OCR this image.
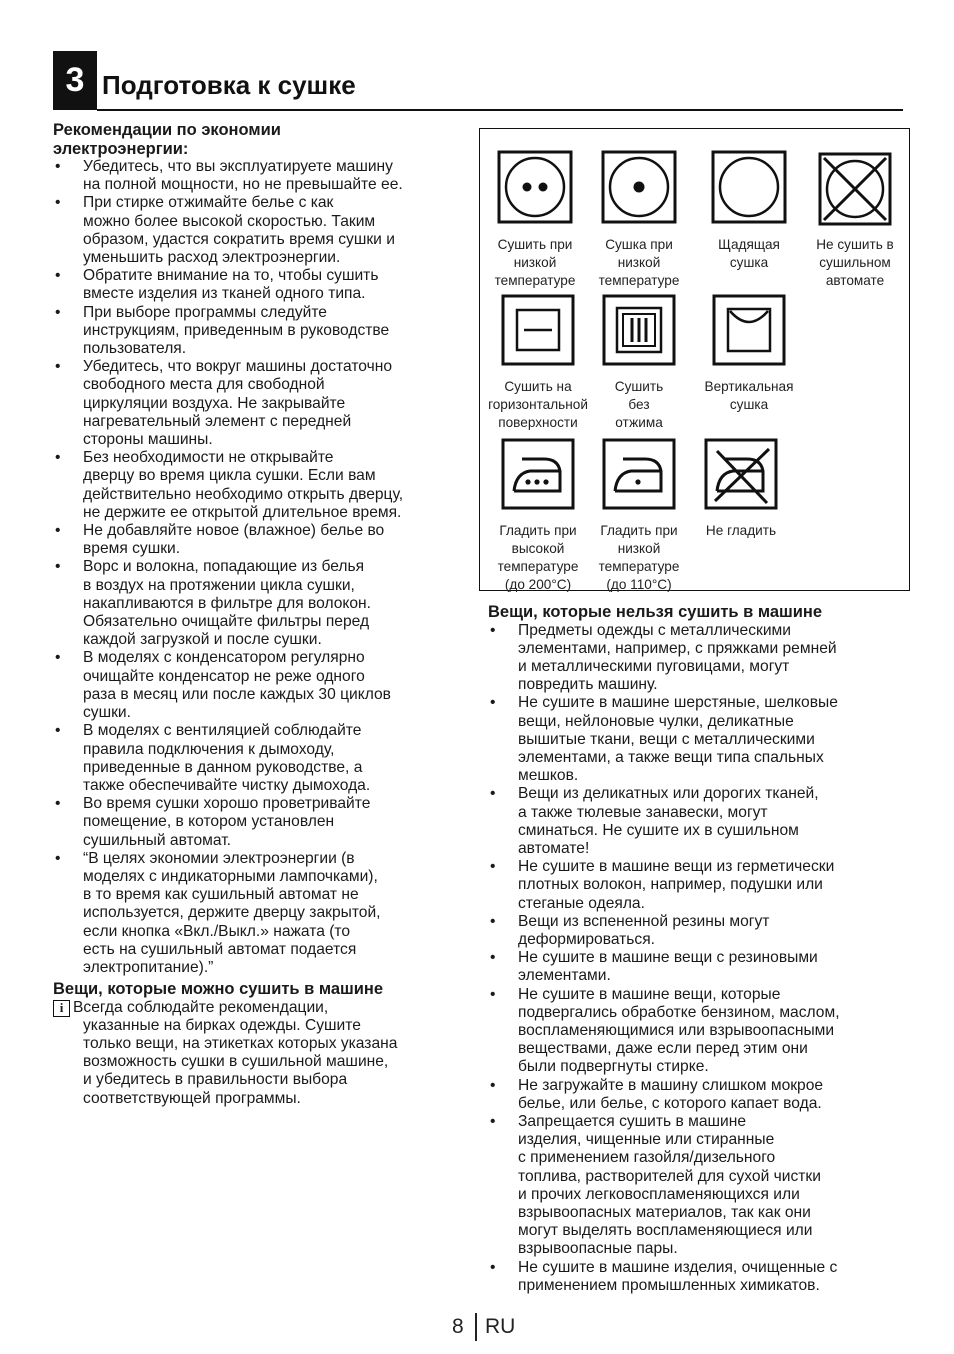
3 Подготовка к сушке
Рекомендации по экономии
электроэнергии:
• Убедитесь, что вы эксплуатируете машину
на полной мощности, но не превышайте ее.
• При стирке отжимайте белье с как
можно более высокой скоростью. Таким
образом, удастся сократить время сушки и
уменьшить расход электроэнергии.
• Обратите внимание на то, чтобы сушить
вместе изделия из тканей одного типа.
• При выборе программы следуйте
инструкциям, приведенным в руководстве
пользователя.
• Убедитесь, что вокруг машины достаточно
свободного места для свободной
циркуляции воздуха. Не закрывайте
нагревательный элемент с передней
стороны машины.
• Без необходимости не открывайте
дверцу во время цикла сушки. Если вам
действительно необходимо открыть дверцу,
не держите ее открытой длительное время.
• Не добавляйте новое (влажное) белье во
время сушки.
• Ворс и волокна, попадающие из белья
в воздух на протяжении цикла сушки,
накапливаются в фильтре для волокон.
Обязательно очищайте фильтры перед
каждой загрузкой и после сушки.
• В моделях с конденсатором регулярно
очищайте конденсатор не реже одного
раза в месяц или после каждых 30 циклов
сушки.
• В моделях с вентиляцией соблюдайте
правила подключения к дымоходу,
приведенные в данном руководстве, а
также обеспечивайте чистку дымохода.
• Во время сушки хорошо проветривайте
помещение, в котором установлен
сушильный автомат.
• “В целях экономии электроэнергии (в
моделях с индикаторными лампочками),
в то время как сушильный автомат не
используется, держите дверцу закрытой,
если кнопка «Вкл./Выкл.» нажата (то
есть на сушильный автомат подается
электропитание).”
Вещи, которые можно сушить в машине
i Всегда соблюдайте рекомендации,
указанные на бирках одежды. Сушите
только вещи, на этикетках которых указана
возможность сушки в сушильной машине,
и убедитесь в правильности выбора
соответствующей программы.
Сушить при
низкой
температуре
Сушка при
низкой
температуре
Щадящая
сушка
Не сушить в
сушильном
автомате
Сушить на
горизонтальной
поверхности
Сушить
без
отжима
Вертикальная
сушка
Гладить при
высокой
температуре
(до 200°C)
Гладить при
низкой
температуре
(до 110°C)
Не гладить
Вещи, которые нельзя сушить в машине
• Предметы одежды с металлическими
элементами, например, с пряжками ремней
и металлическими пуговицами, могут
повредить машину.
• Не сушите в машине шерстяные, шелковые
вещи, нейлоновые чулки, деликатные
вышитые ткани, вещи с металлическими
элементами, а также вещи типа спальных
мешков.
• Вещи из деликатных или дорогих тканей,
а также тюлевые занавески, могут
сминаться. Не сушите их в сушильном
автомате!
• Не сушите в машине вещи из герметически
плотных волокон, например, подушки или
стеганые одеяла.
• Вещи из вспененной резины могут
деформироваться.
• Не сушите в машине вещи с резиновыми
элементами.
• Не сушите в машине вещи, которые
подвергались обработке бензином, маслом,
воспламеняющимися или взрывоопасными
веществами, даже если перед этим они
были подвергнуты стирке.
• Не загружайте в машину слишком мокрое
белье, или белье, с которого капает вода.
• Запрещается сушить в машине
изделия, чищенные или стиранные
с применением газойля/дизельного
топлива, растворителей для сухой чистки
и прочих легковоспламеняющихся или
взрывоопасных материалов, так как они
могут выделять воспламеняющиеся или
взрывоопасные пары.
• Не сушите в машине изделия, очищенные с
применением промышленных химикатов.
8 RU
